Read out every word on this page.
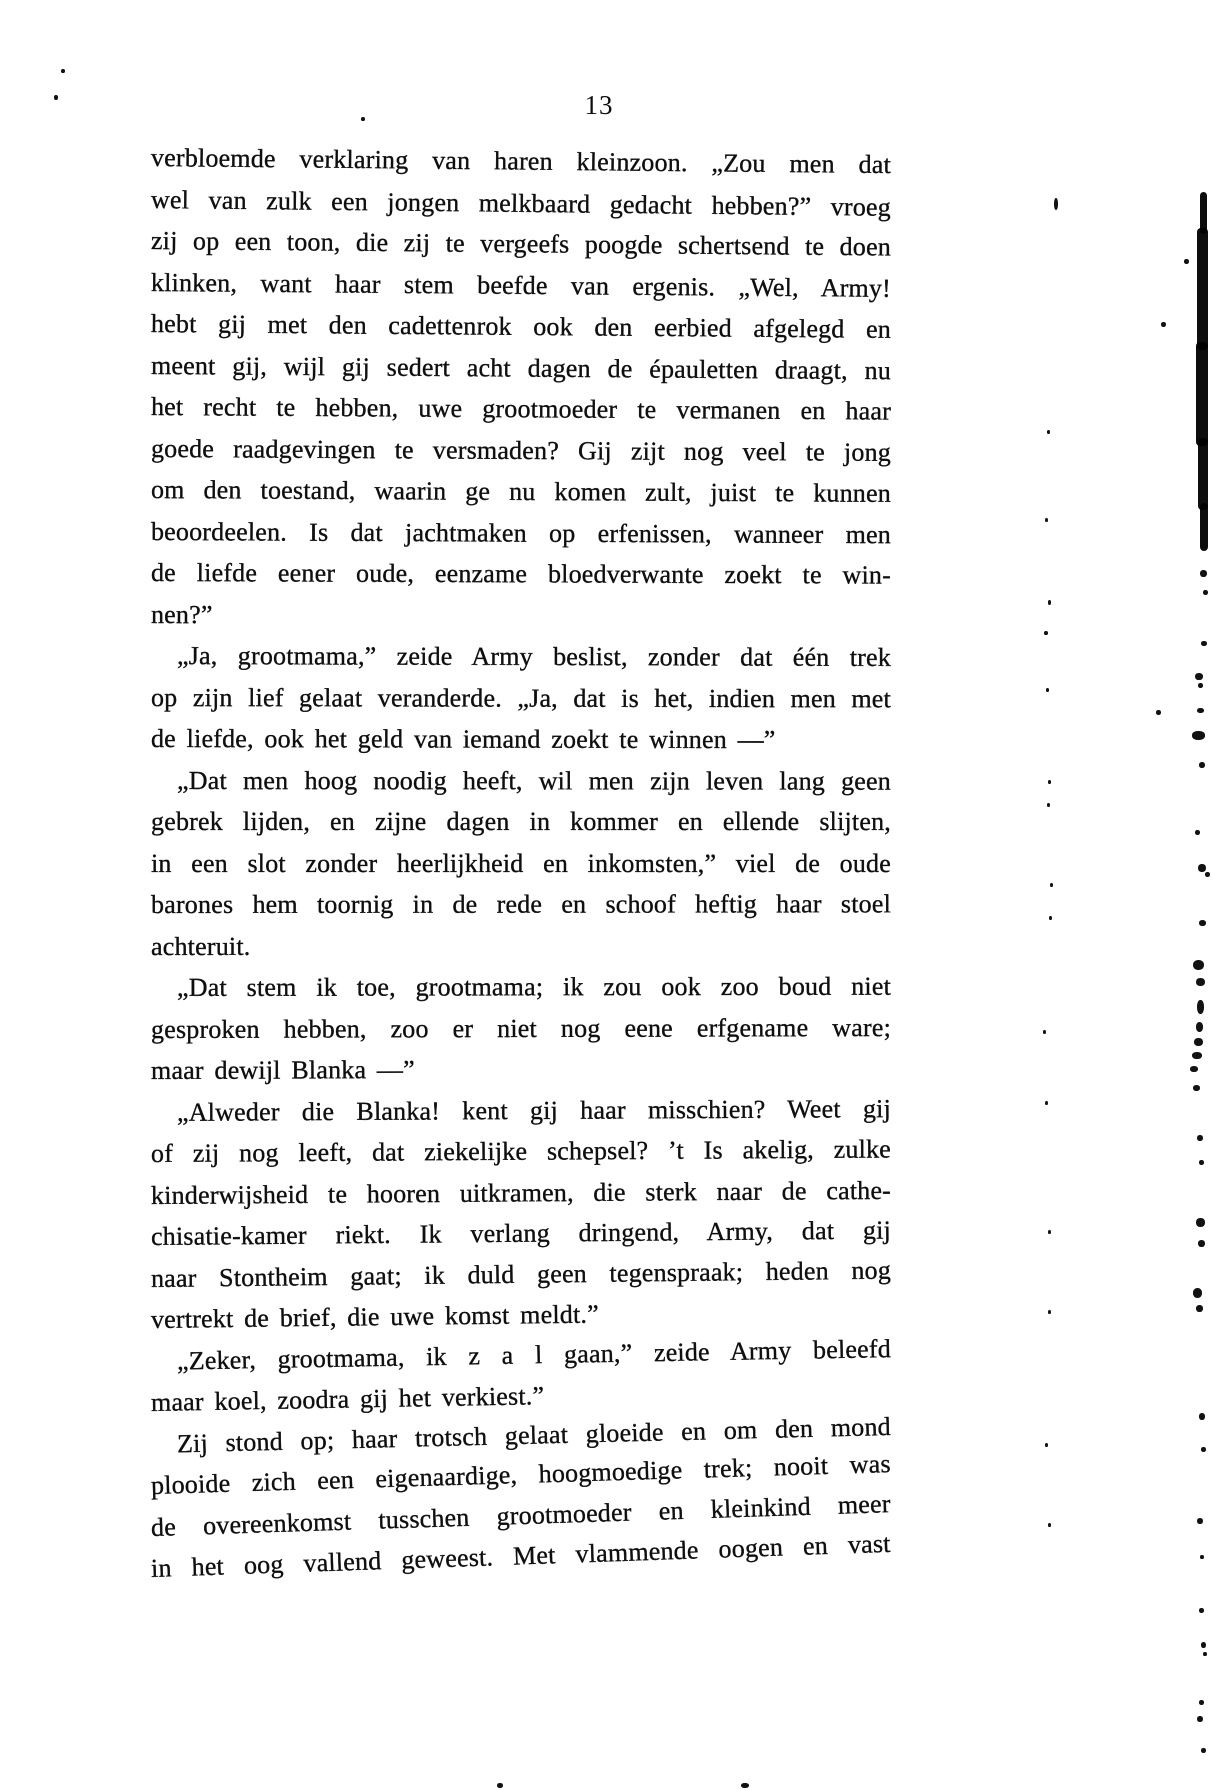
13
verbloemde verklaring van haren kleinzoon. „Zou men dat
wel van zulk een jongen melkbaard gedacht hebben?” vroeg
zij op een toon, die zij te vergeefs poogde schertsend te doen
klinken, want haar stem beefde van ergenis. „Wel, Army!
hebt gij met den cadettenrok ook den eerbied afgelegd en
meent gij, wijl gij sedert acht dagen de épauletten draagt, nu
het recht te hebben, uwe grootmoeder te vermanen en haar
goede raadgevingen te versmaden? Gij zijt nog veel te jong
om den toestand, waarin ge nu komen zult, juist te kunnen
beoordeelen. Is dat jachtmaken op erfenissen, wanneer men
de liefde eener oude, eenzame bloedverwante zoekt te win-
nen?”
„Ja, grootmama,” zeide Army beslist, zonder dat één trek
op zijn lief gelaat veranderde. „Ja, dat is het, indien men met
de liefde, ook het geld van iemand zoekt te winnen —”
„Dat men hoog noodig heeft, wil men zijn leven lang geen
gebrek lijden, en zijne dagen in kommer en ellende slijten,
in een slot zonder heerlijkheid en inkomsten,” viel de oude
barones hem toornig in de rede en schoof heftig haar stoel
achteruit.
„Dat stem ik toe, grootmama; ik zou ook zoo boud niet
gesproken hebben, zoo er niet nog eene erfgename ware;
maar dewijl Blanka —”
„Alweder die Blanka! kent gij haar misschien? Weet gij
of zij nog leeft, dat ziekelijke schepsel? ’t Is akelig, zulke
kinderwijsheid te hooren uitkramen, die sterk naar de cathe-
chisatie-kamer riekt. Ik verlang dringend, Army, dat gij
naar Stontheim gaat; ik duld geen tegenspraak; heden nog
vertrekt de brief, die uwe komst meldt.”
„Zeker, grootmama, ik z a l gaan,” zeide Army beleefd
maar koel, zoodra gij het verkiest.”
Zij stond op; haar trotsch gelaat gloeide en om den mond
plooide zich een eigenaardige, hoogmoedige trek; nooit was
de overeenkomst tusschen grootmoeder en kleinkind meer
in het oog vallend geweest. Met vlammende oogen en vast
